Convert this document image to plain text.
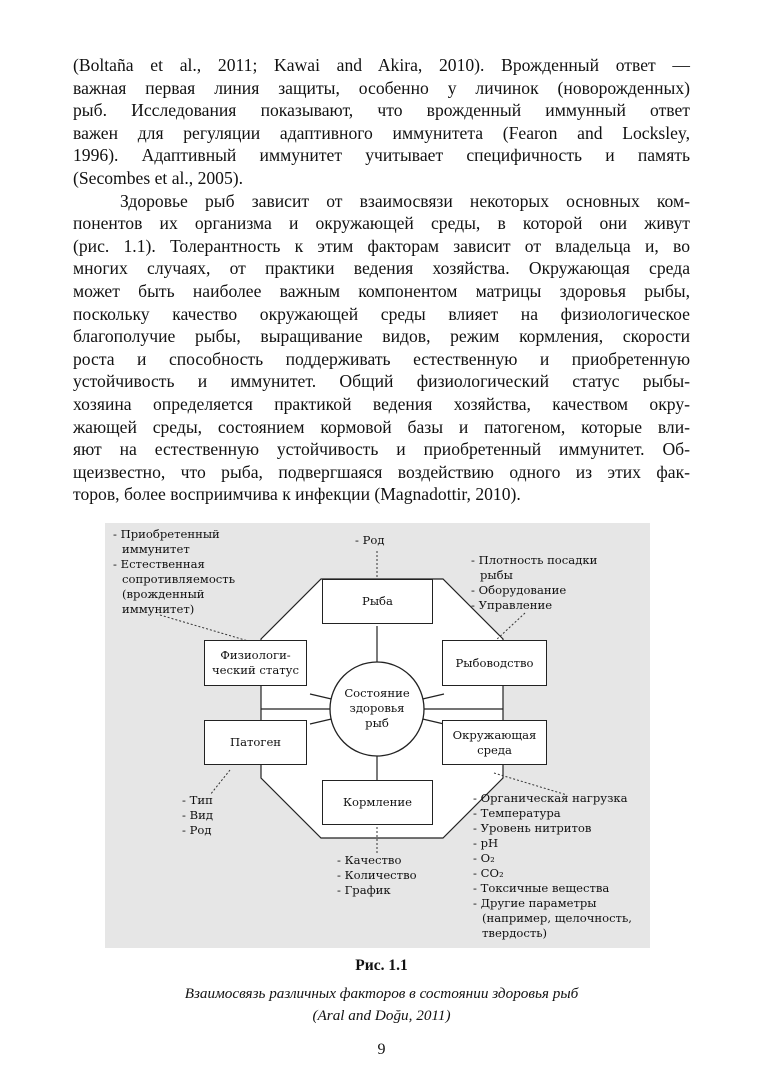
(Boltaña et al., 2011; Kawai and Akira, 2010). Врожденный ответ —
важная первая линия защиты, особенно у личинок (новорожденных)
рыб. Исследования показывают, что врожденный иммунный ответ
важен для регуляции адаптивного иммунитета (Fearon and Locksley,
1996). Адаптивный иммунитет учитывает специфичность и память
(Secombes et al., 2005).

Здоровье рыб зависит от взаимосвязи некоторых основных ком-
понентов их организма и окружающей среды, в которой они живут
(рис. 1.1). Толерантность к этим факторам зависит от владельца и, во
многих случаях, от практики ведения хозяйства. Окружающая среда
может быть наиболее важным компонентом матрицы здоровья рыбы,
поскольку качество окружающей среды влияет на физиологическое
благополучие рыбы, выращивание видов, режим кормления, скорости
роста и способность поддерживать естественную и приобретенную
устойчивость и иммунитет. Общий физиологический статус рыбы-
хозяина определяется практикой ведения хозяйства, качеством окру-
жающей среды, состоянием кормовой базы и патогеном, которые вли-
яют на естественную устойчивость и приобретенный иммунитет. Об-
щеизвестно, что рыба, подвергшаяся воздействию одного из этих фак-
торов, более восприимчива к инфекции (Magnadottir, 2010).

Рыба
Физиологи-
ческий статус
Рыбоводство
Патоген
Окружающая
среда
Кормление
Состояние
здоровья
рыб
- Приобретенный
иммунитет
- Естественная
сопротивляемость
(врожденный
иммунитет)
- Род
- Плотность посадки
рыбы
- Оборудование
- Управление
- Тип
- Вид
- Род
- Качество
- Количество
- График
- Органическая нагрузка
- Температура
- Уровень нитритов
- pH
- O₂
- CO₂
- Токсичные вещества
- Другие параметры
(например, щелочность,
твердость)
Рис. 1.1
Взаимосвязь различных факторов в состоянии здоровья рыб
(Aral and Doğu, 2011)
9
